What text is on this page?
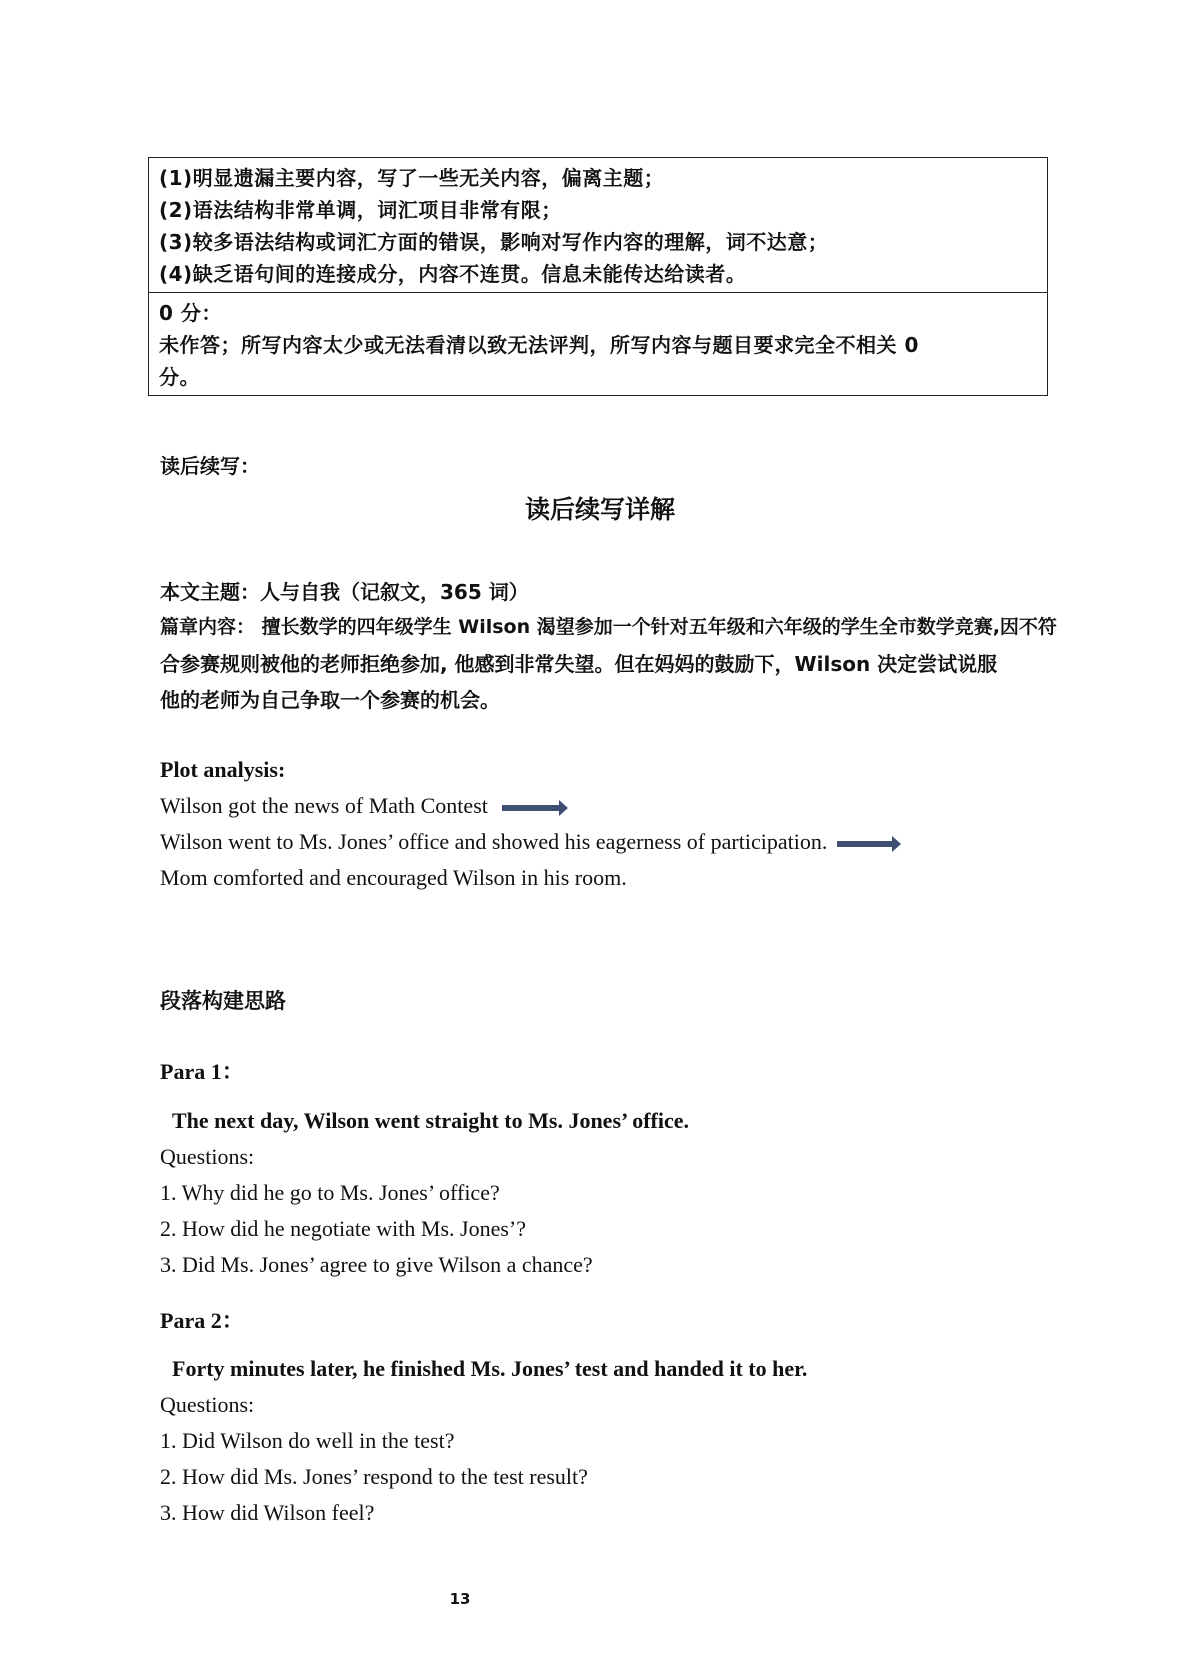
(1)明显遗漏主要内容，写了一些无关内容，偏离主题；
(2)语法结构非常单调，词汇项目非常有限；
(3)较多语法结构或词汇方面的错误，影响对写作内容的理解，词不达意；
(4)缺乏语句间的连接成分，内容不连贯。信息未能传达给读者。
0 分：
未作答；所写内容太少或无法看清以致无法评判，所写内容与题目要求完全不相关 0
分。
读后续写：
读后续写详解
本文主题：人与自我（记叙文，365 词）
篇章内容： 擅长数学的四年级学生 Wilson 渴望参加一个针对五年级和六年级的学生全市数学竞赛,因不符
合参赛规则被他的老师拒绝参加, 他感到非常失望。但在妈妈的鼓励下，Wilson 决定尝试说服
他的老师为自己争取一个参赛的机会。
Plot analysis:
Wilson got the news of Math Contest
Wilson went to Ms. Jones’ office and showed his eagerness of participation.
Mom comforted and encouraged Wilson in his room.
段落构建思路
Para 1：
The next day, Wilson went straight to Ms. Jones’ office.
Questions:
1. Why did he go to Ms. Jones’ office?
2. How did he negotiate with Ms. Jones’?
3. Did Ms. Jones’ agree to give Wilson a chance?
Para 2：
Forty minutes later, he finished Ms. Jones’ test and handed it to her.
Questions:
1. Did Wilson do well in the test?
2. How did Ms. Jones’ respond to the test result?
3. How did Wilson feel?
13
